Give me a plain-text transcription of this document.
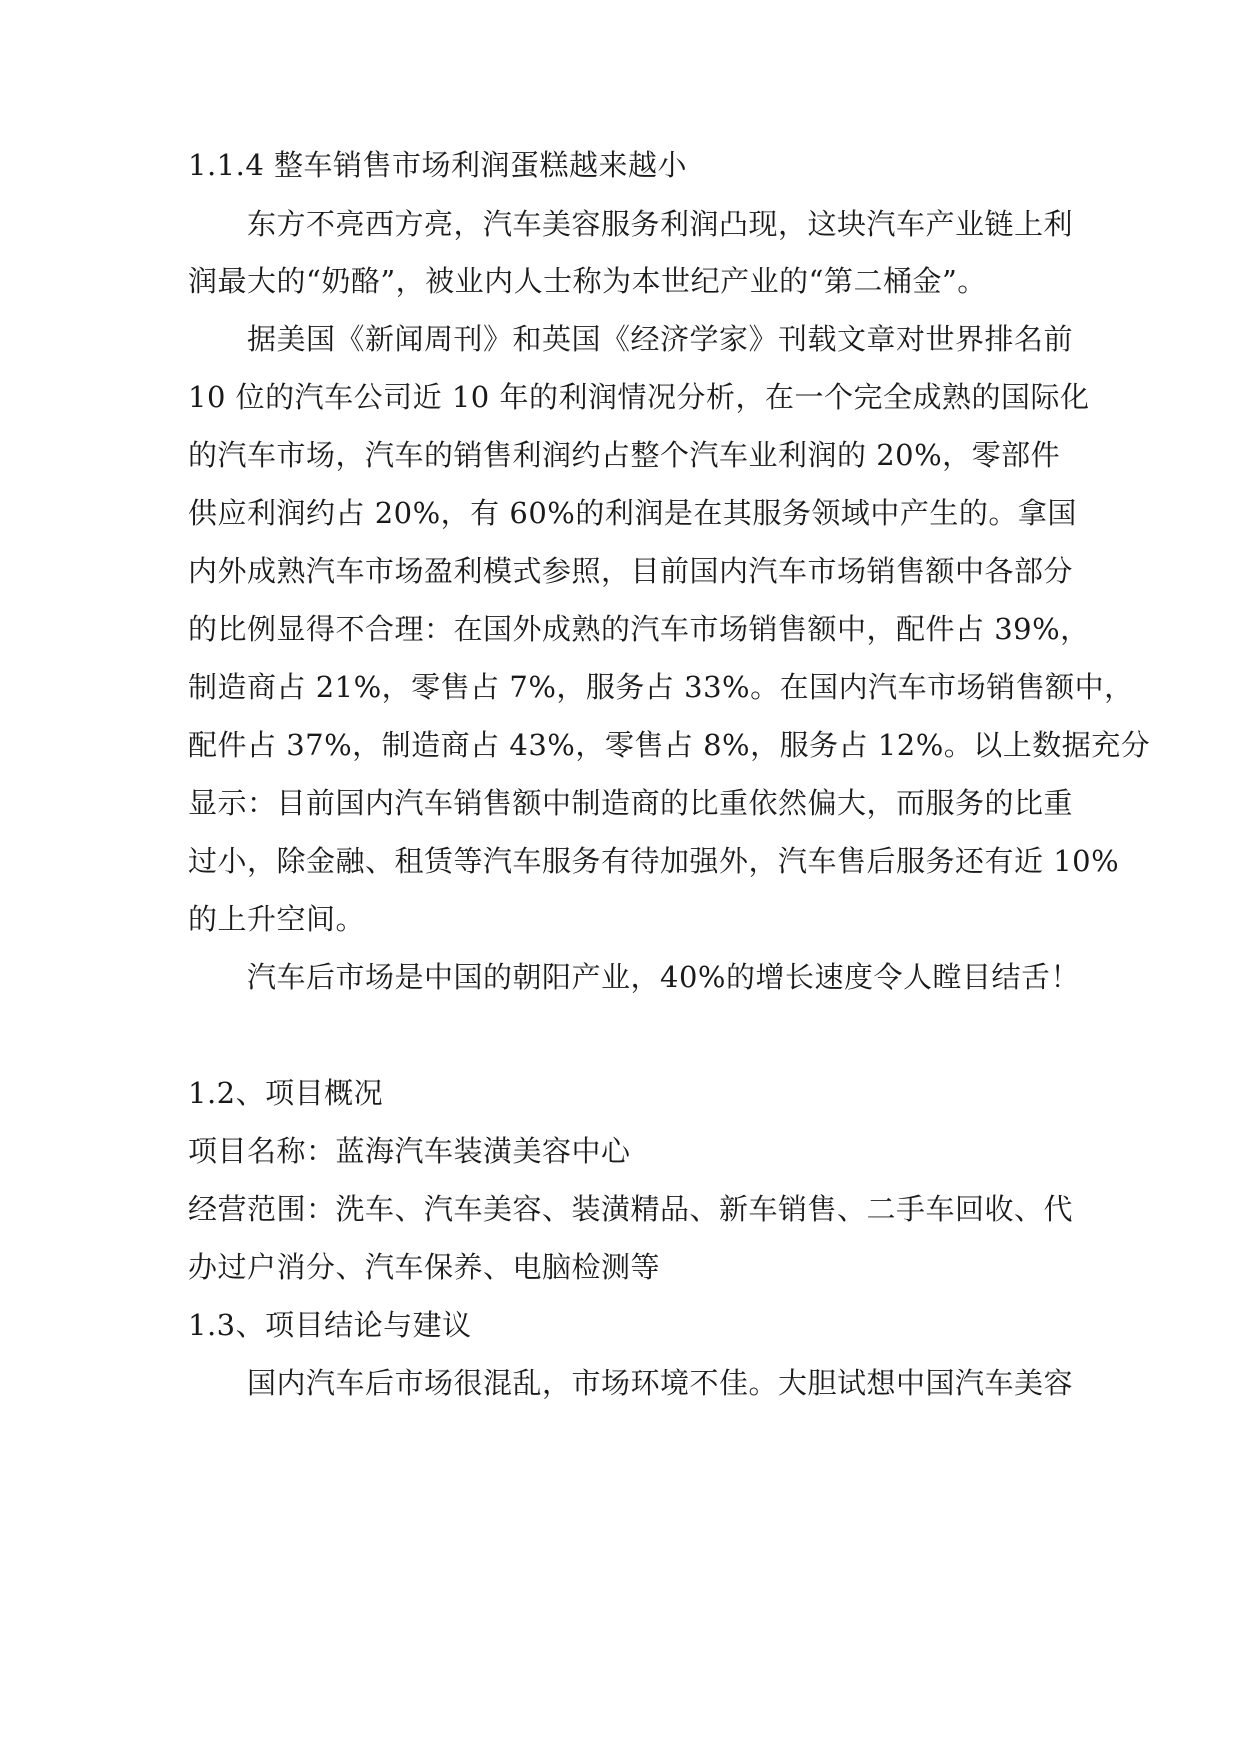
1.1.4 整车销售市场利润蛋糕越来越小
东方不亮西方亮，汽车美容服务利润凸现，这块汽车产业链上利
润最大的“奶酪”，被业内人士称为本世纪产业的“第二桶金”。
据美国《新闻周刊》和英国《经济学家》刊载文章对世界排名前
10 位的汽车公司近 10 年的利润情况分析，在一个完全成熟的国际化
的汽车市场，汽车的销售利润约占整个汽车业利润的 20%，零部件
供应利润约占 20%，有 60%的利润是在其服务领域中产生的。拿国
内外成熟汽车市场盈利模式参照，目前国内汽车市场销售额中各部分
的比例显得不合理：在国外成熟的汽车市场销售额中，配件占 39%，
制造商占 21%，零售占 7%，服务占 33%。在国内汽车市场销售额中，
配件占 37%，制造商占 43%，零售占 8%，服务占 12%。以上数据充分
显示：目前国内汽车销售额中制造商的比重依然偏大，而服务的比重
过小，除金融、租赁等汽车服务有待加强外，汽车售后服务还有近 10%
的上升空间。
汽车后市场是中国的朝阳产业，40%的增长速度令人瞠目结舌！
1.2、项目概况
项目名称：蓝海汽车装潢美容中心
经营范围：洗车、汽车美容、装潢精品、新车销售、二手车回收、代
办过户消分、汽车保养、电脑检测等
1.3、项目结论与建议
国内汽车后市场很混乱，市场环境不佳。大胆试想中国汽车美容
